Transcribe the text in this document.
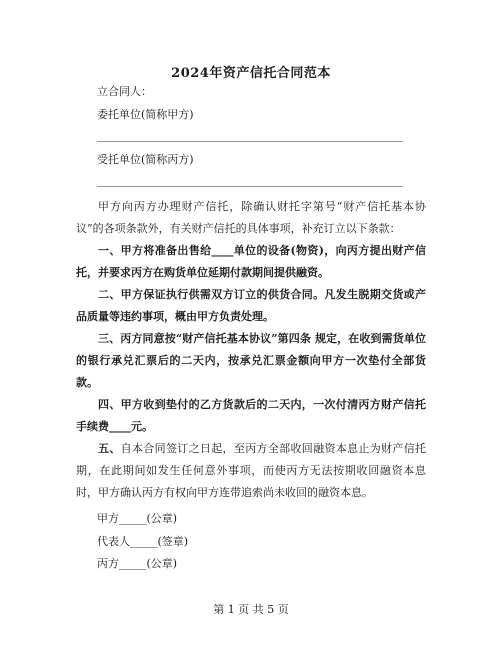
2024年资产信托合同范本
立合同人：
委托单位(简称甲方)
受托单位(简称丙方)
甲方向丙方办理财产信托，除确认财托字第号“财产信托基本协议”的各项条款外，有关财产信托的具体事项，补充订立以下条款：
一、甲方将准备出售给____单位的设备(物资)，向丙方提出财产信托，并要求丙方在购货单位延期付款期间提供融资。
二、甲方保证执行供需双方订立的供货合同。凡发生脱期交货或产品质量等违约事项，概由甲方负责处理。
三、丙方同意按“财产信托基本协议”第四条 规定，在收到需货单位的银行承兑汇票后的二天内，按承兑汇票金额向甲方一次垫付全部货款。
四、甲方收到垫付的乙方货款后的二天内，一次付清丙方财产信托手续费____元。
五、自本合同签订之日起，至丙方全部收回融资本息止为财产信托期，在此期间如发生任何意外事项，而使丙方无法按期收回融资本息时，甲方确认丙方有权向甲方连带追索尚未收回的融资本息。
甲方_____(公章)
代表人_____(签章)
丙方_____(公章)
第 1 页 共 5 页
